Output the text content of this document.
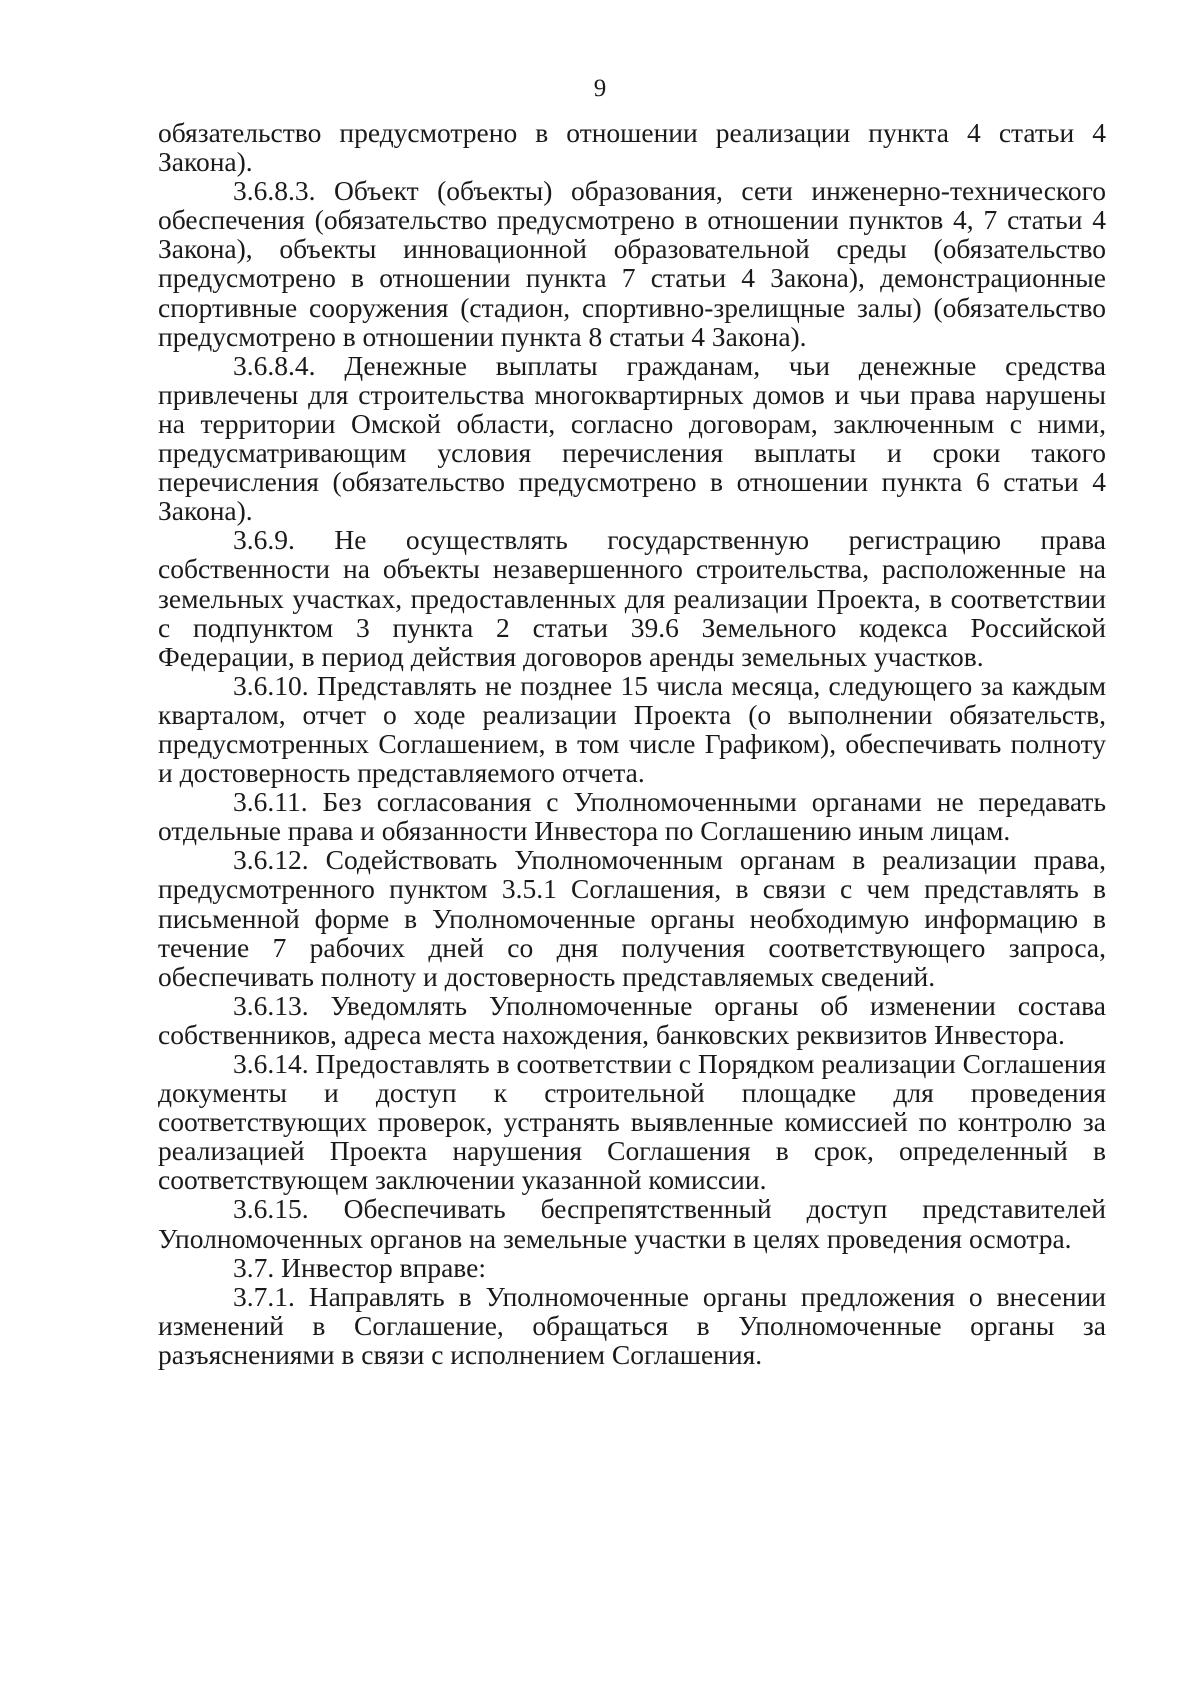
9

обязательство предусмотрено в отношении реализации пункта 4 статьи 4 Закона).

3.6.8.3. Объект (объекты) образования, сети инженерно-технического обеспечения (обязательство предусмотрено в отношении пунктов 4, 7 статьи 4 Закона), объекты инновационной образовательной среды (обязательство предусмотрено в отношении пункта 7 статьи 4 Закона), демонстрационные спортивные сооружения (стадион, спортивно-зрелищные залы) (обязательство предусмотрено в отношении пункта 8 статьи 4 Закона).

3.6.8.4. Денежные выплаты гражданам, чьи денежные средства привлечены для строительства многоквартирных домов и чьи права нарушены на территории Омской области, согласно договорам, заключенным с ними, предусматривающим условия перечисления выплаты и сроки такого перечисления (обязательство предусмотрено в отношении пункта 6 статьи 4 Закона).

3.6.9. Не осуществлять государственную регистрацию права собственности на объекты незавершенного строительства, расположенные на земельных участках, предоставленных для реализации Проекта, в соответствии с подпунктом 3 пункта 2 статьи 39.6 Земельного кодекса Российской Федерации, в период действия договоров аренды земельных участков.

3.6.10. Представлять не позднее 15 числа месяца, следующего за каждым кварталом, отчет о ходе реализации Проекта (о выполнении обязательств, предусмотренных Соглашением, в том числе Графиком), обеспечивать полноту и достоверность представляемого отчета.

3.6.11. Без согласования с Уполномоченными органами не передавать отдельные права и обязанности Инвестора по Соглашению иным лицам.

3.6.12. Содействовать Уполномоченным органам в реализации права, предусмотренного пунктом 3.5.1 Соглашения, в связи с чем представлять в письменной форме в Уполномоченные органы необходимую информацию в течение 7 рабочих дней со дня получения соответствующего запроса, обеспечивать полноту и достоверность представляемых сведений.

3.6.13. Уведомлять Уполномоченные органы об изменении состава собственников, адреса места нахождения, банковских реквизитов Инвестора.

3.6.14. Предоставлять в соответствии с Порядком реализации Соглашения документы и доступ к строительной площадке для проведения соответствующих проверок, устранять выявленные комиссией по контролю за реализацией Проекта нарушения Соглашения в срок, определенный в соответствующем заключении указанной комиссии.

3.6.15. Обеспечивать беспрепятственный доступ представителей Уполномоченных органов на земельные участки в целях проведения осмотра.

3.7. Инвестор вправе:

3.7.1. Направлять в Уполномоченные органы предложения о внесении изменений в Соглашение, обращаться в Уполномоченные органы за разъяснениями в связи с исполнением Соглашения.
